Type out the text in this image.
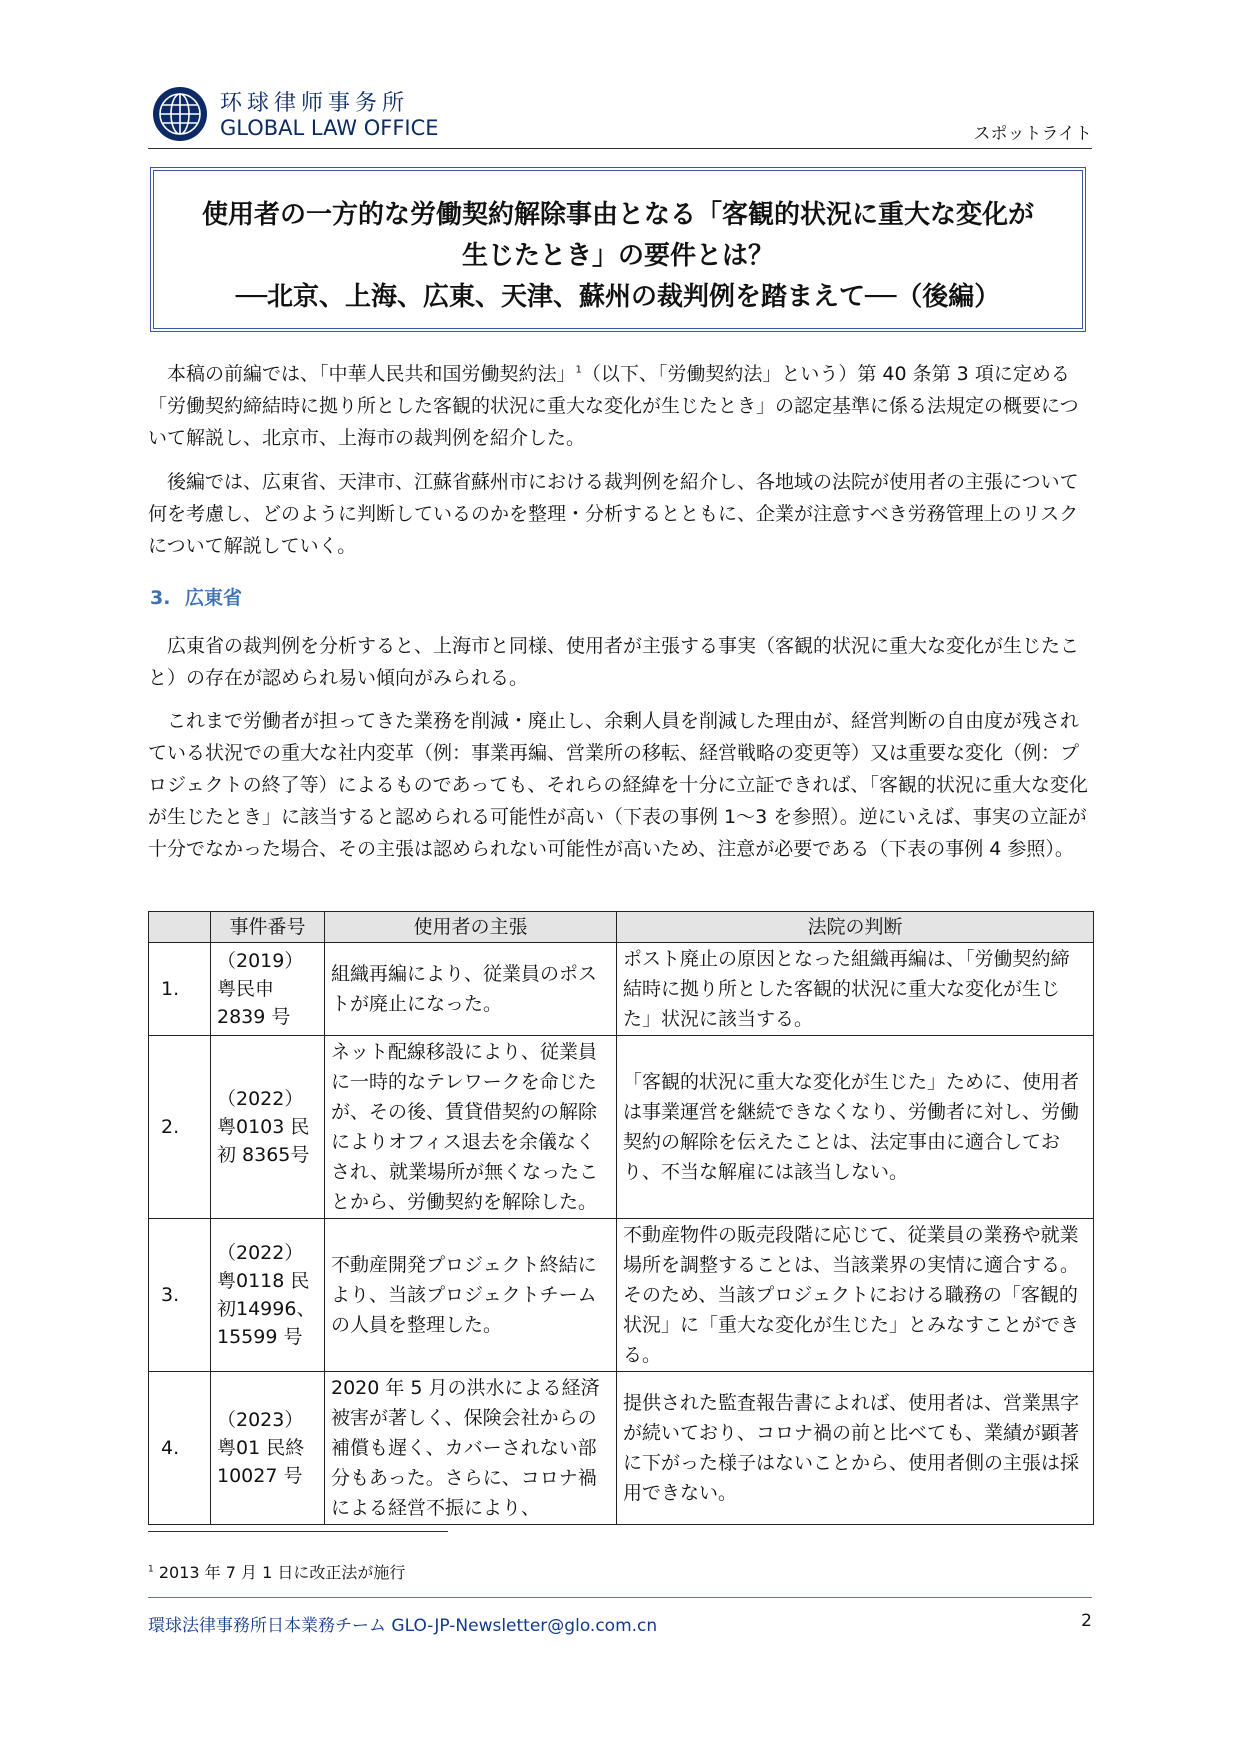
环球律师事务所
GLOBAL LAW OFFICE	スポットライト
使用者の一方的な労働契約解除事由となる「客観的状況に重大な変化が
生じたとき」の要件とは？
──北京、上海、広東、天津、蘇州の裁判例を踏まえて──（後編）

本稿の前編では、「中華人民共和国労働契約法」$^1$（以下、「労働契約法」という）第 40 条第 3 項に定める「労働契約締結時に拠り所とした客観的状況に重大な変化が生じたとき」の認定基準に係る法規定の概要について解説し、北京市、上海市の裁判例を紹介した。

後編では、広東省、天津市、江蘇省蘇州市における裁判例を紹介し、各地域の法院が使用者の主張について何を考慮し、どのように判断しているのかを整理・分析するとともに、企業が注意すべき労務管理上のリスクについて解説していく。

3. 広東省

広東省の裁判例を分析すると、上海市と同様、使用者が主張する事実（客観的状況に重大な変化が生じたこと）の存在が認められ易い傾向がみられる。

これまで労働者が担ってきた業務を削減・廃止し、余剰人員を削減した理由が、経営判断の自由度が残されている状況での重大な社内変革（例：事業再編、営業所の移転、経営戦略の変更等）又は重要な変化（例：プロジェクトの終了等）によるものであっても、それらの経緯を十分に立証できれば、「客観的状況に重大な変化が生じたとき」に該当すると認められる可能性が高い（下表の事例 1〜3 を参照）。逆にいえば、事実の立証が十分でなかった場合、その主張は認められない可能性が高いため、注意が必要である（下表の事例 4 参照）。

	事件番号	使用者の主張	法院の判断
1.	（2019）粤民申2839 号	組織再編により、従業員のポストが廃止になった。	ポスト廃止の原因となった組織再編は、「労働契約締結時に拠り所とした客観的状況に重大な変化が生じた」状況に該当する。
2.	（2022）粤0103 民初 8365号	ネット配線移設により、従業員に一時的なテレワークを命じたが、その後、賃貸借契約の解除によりオフィス退去を余儀なくされ、就業場所が無くなったことから、労働契約を解除した。	「客観的状況に重大な変化が生じた」ために、使用者は事業運営を継続できなくなり、労働者に対し、労働契約の解除を伝えたことは、法定事由に適合しており、不当な解雇には該当しない。
3.	（2022）粤0118 民初14996、15599 号	不動産開発プロジェクト終結により、当該プロジェクトチームの人員を整理した。	不動産物件の販売段階に応じて、従業員の業務や就業場所を調整することは、当該業界の実情に適合する。そのため、当該プロジェクトにおける職務の「客観的状況」に「重大な変化が生じた」とみなすことができる。
4.	（2023）粤01 民終10027 号	2020 年 5 月の洪水による経済被害が著しく、保険会社からの補償も遅く、カバーされない部分もあった。さらに、コロナ禍による経営不振により、	提供された監査報告書によれば、使用者は、営業黒字が続いており、コロナ禍の前と比べても、業績が顕著に下がった様子はないことから、使用者側の主張は採用できない。
$^1$ 2013 年 7 月 1 日に改正法が施行
環球法律事務所日本業務チーム GLO-JP-Newsletter@glo.com.cn	2
